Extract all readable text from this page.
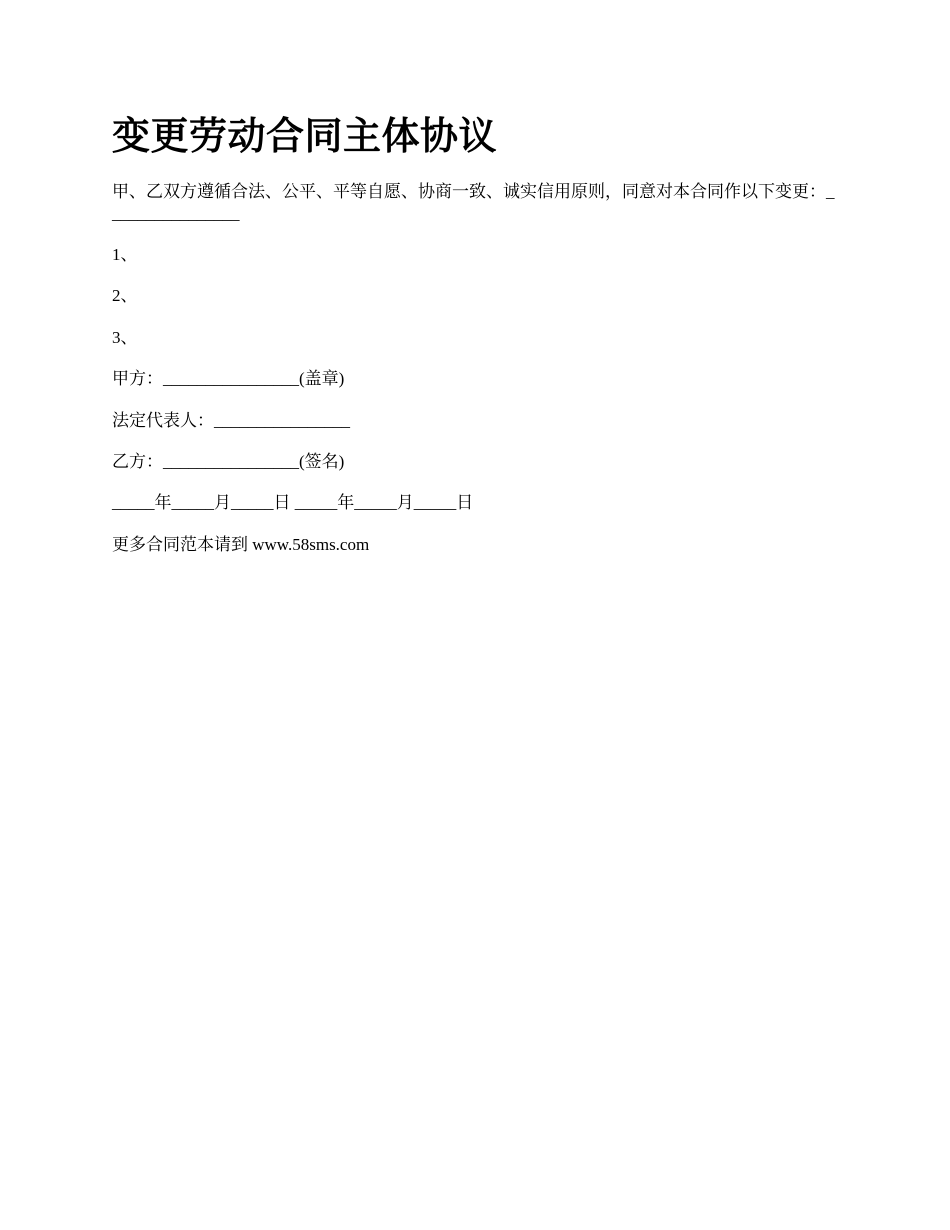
变更劳动合同主体协议

甲、乙双方遵循合法、公平、平等自愿、协商一致、诚实信用原则，同意对本合同作以下变更：________________

1、

2、

3、

甲方：________________(盖章)

法定代表人：________________

乙方：________________(签名)

_____年_____月_____日 _____年_____月_____日

更多合同范本请到 www.58sms.com
